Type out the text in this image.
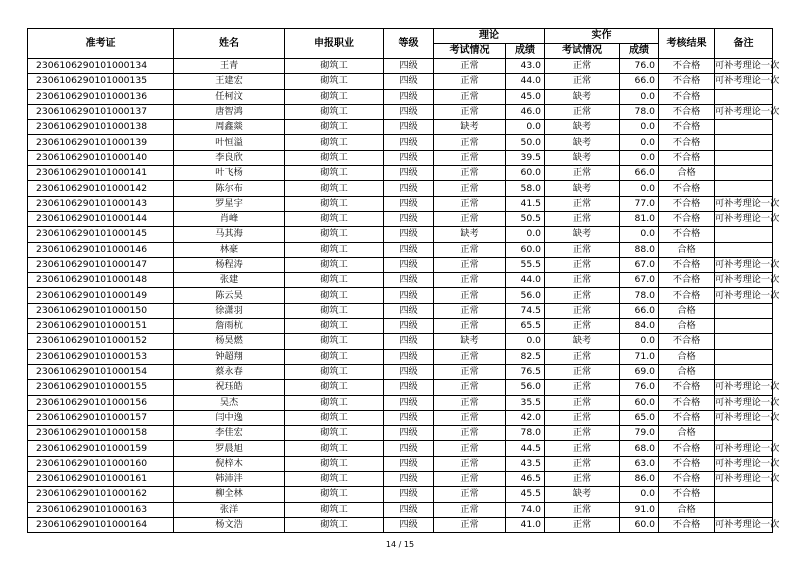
准考证	姓名	申报职业	等级	理论		实作		考核结果	备注
				考试情况	成绩	考试情况	成绩		
2306106290101000134	王青	砌筑工	四级	正常	43.0	正常	76.0	不合格	可补考理论一次
2306106290101000135	王建宏	砌筑工	四级	正常	44.0	正常	66.0	不合格	可补考理论一次
2306106290101000136	任柯汶	砌筑工	四级	正常	45.0	缺考	0.0	不合格	
2306106290101000137	唐智鸿	砌筑工	四级	正常	46.0	正常	78.0	不合格	可补考理论一次
2306106290101000138	周鑫燚	砌筑工	四级	缺考	0.0	缺考	0.0	不合格	
2306106290101000139	叶恒溢	砌筑工	四级	正常	50.0	缺考	0.0	不合格	
2306106290101000140	李良欣	砌筑工	四级	正常	39.5	缺考	0.0	不合格	
2306106290101000141	叶飞杨	砌筑工	四级	正常	60.0	正常	66.0	合格	
2306106290101000142	陈尔布	砌筑工	四级	正常	58.0	缺考	0.0	不合格	
2306106290101000143	罗星宇	砌筑工	四级	正常	41.5	正常	77.0	不合格	可补考理论一次
2306106290101000144	肖峰	砌筑工	四级	正常	50.5	正常	81.0	不合格	可补考理论一次
2306106290101000145	马其海	砌筑工	四级	缺考	0.0	缺考	0.0	不合格	
2306106290101000146	林豪	砌筑工	四级	正常	60.0	正常	88.0	合格	
2306106290101000147	杨程涛	砌筑工	四级	正常	55.5	正常	67.0	不合格	可补考理论一次
2306106290101000148	张建	砌筑工	四级	正常	44.0	正常	67.0	不合格	可补考理论一次
2306106290101000149	陈云昊	砌筑工	四级	正常	56.0	正常	78.0	不合格	可补考理论一次
2306106290101000150	徐潇羽	砌筑工	四级	正常	74.5	正常	66.0	合格	
2306106290101000151	詹雨杭	砌筑工	四级	正常	65.5	正常	84.0	合格	
2306106290101000152	杨昊燃	砌筑工	四级	缺考	0.0	缺考	0.0	不合格	
2306106290101000153	钟超翔	砌筑工	四级	正常	82.5	正常	71.0	合格	
2306106290101000154	蔡永春	砌筑工	四级	正常	76.5	正常	69.0	合格	
2306106290101000155	祝珏皓	砌筑工	四级	正常	56.0	正常	76.0	不合格	可补考理论一次
2306106290101000156	吴杰	砌筑工	四级	正常	35.5	正常	60.0	不合格	可补考理论一次
2306106290101000157	闫中逸	砌筑工	四级	正常	42.0	正常	65.0	不合格	可补考理论一次
2306106290101000158	李佳宏	砌筑工	四级	正常	78.0	正常	79.0	合格	
2306106290101000159	罗晨旭	砌筑工	四级	正常	44.5	正常	68.0	不合格	可补考理论一次
2306106290101000160	倪梓木	砌筑工	四级	正常	43.5	正常	63.0	不合格	可补考理论一次
2306106290101000161	韩沛沣	砌筑工	四级	正常	46.5	正常	86.0	不合格	可补考理论一次
2306106290101000162	柳全林	砌筑工	四级	正常	45.5	缺考	0.0	不合格	
2306106290101000163	张洋	砌筑工	四级	正常	74.0	正常	91.0	合格	
2306106290101000164	杨文浩	砌筑工	四级	正常	41.0	正常	60.0	不合格	可补考理论一次
14 / 15
